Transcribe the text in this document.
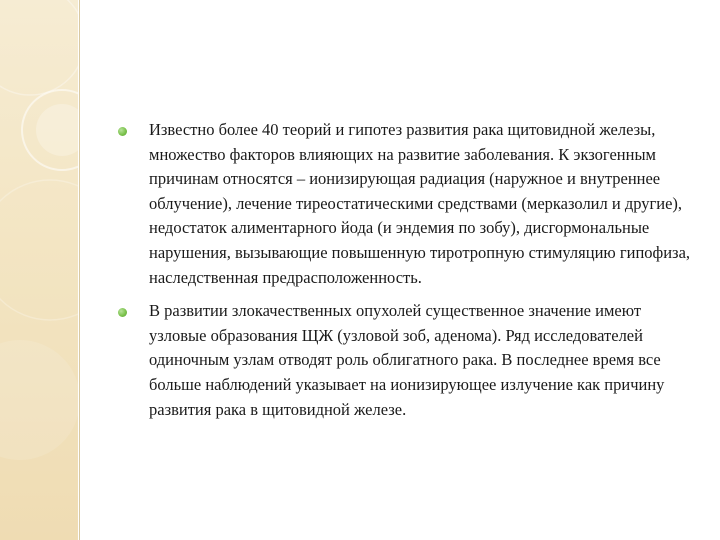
Известно более 40 теорий и гипотез развития рака щитовидной железы, множество факторов влияющих на развитие заболевания. К экзогенным причинам относятся – ионизирующая радиация (наружное и внутреннее облучение), лечение тиреостатическими средствами (мерказолил и другие), недостаток алиментарного йода (и эндемия по зобу), дисгормональные нарушения, вызывающие повышенную тиротропную стимуляцию гипофиза, наследственная предрасположенность.
В развитии злокачественных опухолей существенное значение имеют узловые образования ЩЖ (узловой зоб, аденома). Ряд исследователей одиночным узлам отводят роль облигатного рака. В последнее время все больше наблюдений указывает на ионизирующее излучение как причину развития рака в щитовидной железе.
